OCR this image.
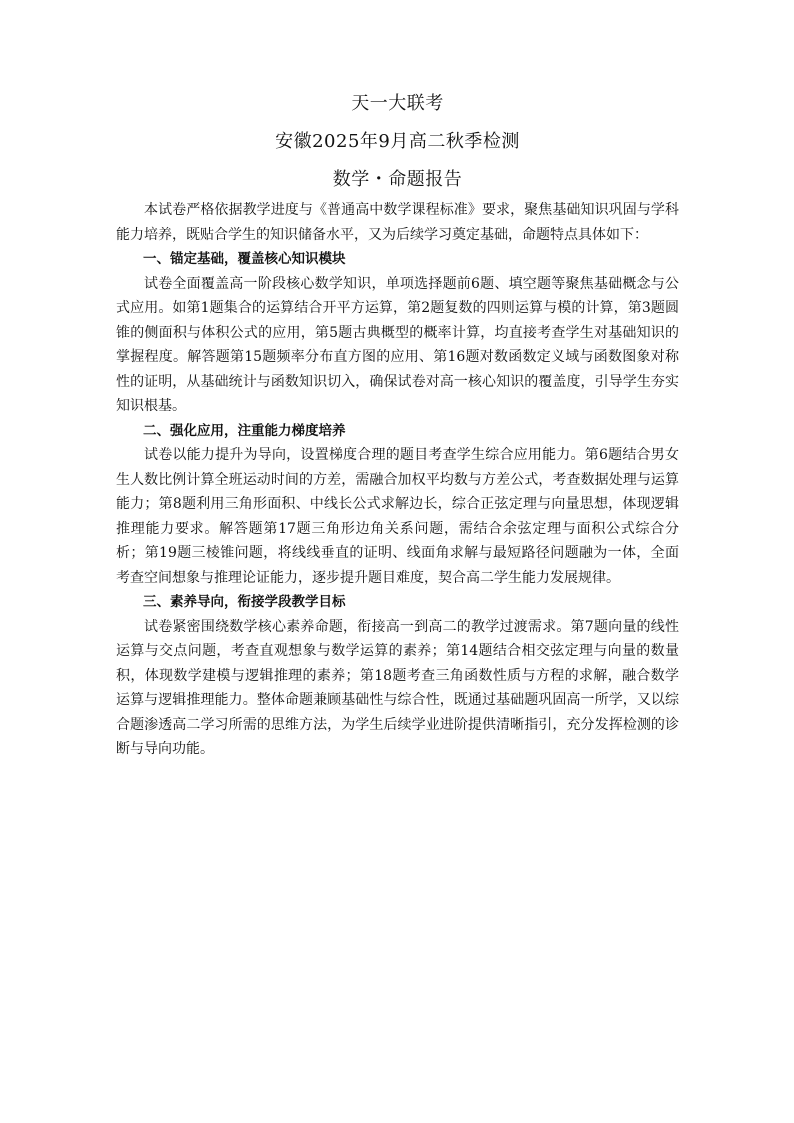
天一大联考
安徽2025年9月高二秋季检测
数学・命题报告

本试卷严格依据教学进度与《普通高中数学课程标准》要求，聚焦基础知识巩固与学科能力培养，既贴合学生的知识储备水平，又为后续学习奠定基础，命题特点具体如下：

一、锚定基础，覆盖核心知识模块

试卷全面覆盖高一阶段核心数学知识，单项选择题前6题、填空题等聚焦基础概念与公式应用。如第1题集合的运算结合开平方运算，第2题复数的四则运算与模的计算，第3题圆锥的侧面积与体积公式的应用，第5题古典概型的概率计算，均直接考查学生对基础知识的掌握程度。解答题第15题频率分布直方图的应用、第16题对数函数定义域与函数图象对称性的证明，从基础统计与函数知识切入，确保试卷对高一核心知识的覆盖度，引导学生夯实知识根基。

二、强化应用，注重能力梯度培养

试卷以能力提升为导向，设置梯度合理的题目考查学生综合应用能力。第6题结合男女生人数比例计算全班运动时间的方差，需融合加权平均数与方差公式，考查数据处理与运算能力；第8题利用三角形面积、中线长公式求解边长，综合正弦定理与向量思想，体现逻辑推理能力要求。解答题第17题三角形边角关系问题，需结合余弦定理与面积公式综合分析；第19题三棱锥问题，将线线垂直的证明、线面角求解与最短路径问题融为一体，全面考查空间想象与推理论证能力，逐步提升题目难度，契合高二学生能力发展规律。

三、素养导向，衔接学段教学目标

试卷紧密围绕数学核心素养命题，衔接高一到高二的教学过渡需求。第7题向量的线性运算与交点问题，考查直观想象与数学运算的素养；第14题结合相交弦定理与向量的数量积，体现数学建模与逻辑推理的素养；第18题考查三角函数性质与方程的求解，融合数学运算与逻辑推理能力。整体命题兼顾基础性与综合性，既通过基础题巩固高一所学，又以综合题渗透高二学习所需的思维方法，为学生后续学业进阶提供清晰指引，充分发挥检测的诊断与导向功能。
